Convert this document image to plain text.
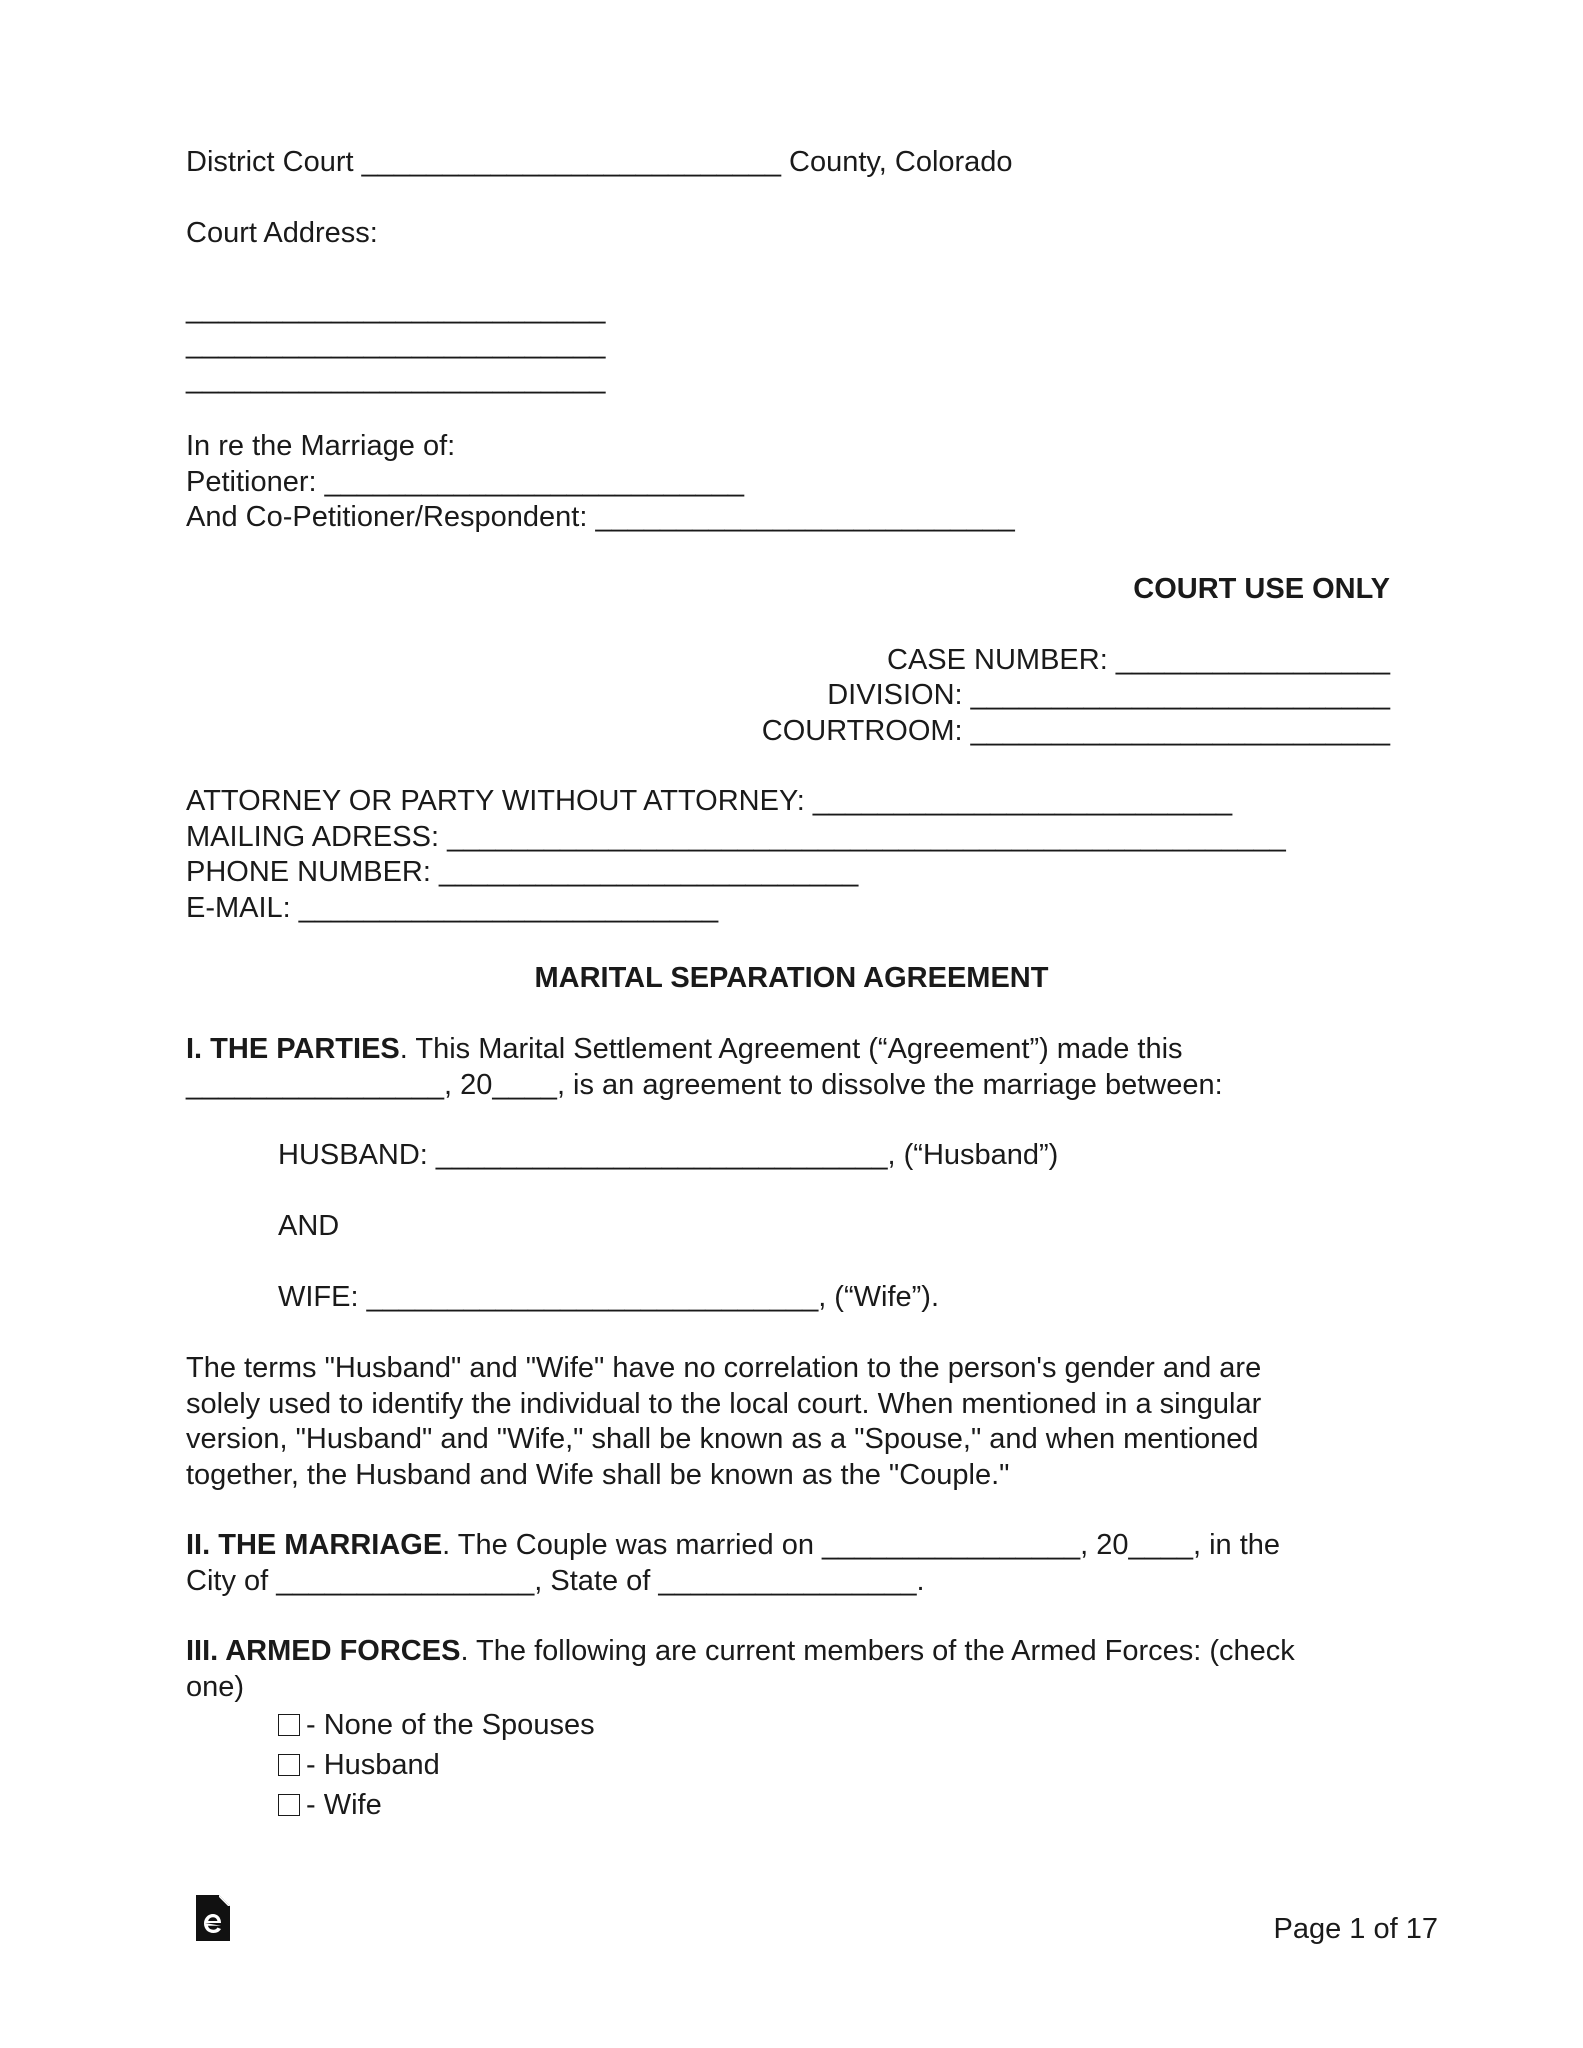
District Court __________________________ County, Colorado
Court Address:
__________________________
__________________________
__________________________
In re the Marriage of:
Petitioner: __________________________
And Co-Petitioner/Respondent: __________________________
COURT USE ONLY
CASE NUMBER: _________________
DIVISION: __________________________
COURTROOM: __________________________
ATTORNEY OR PARTY WITHOUT ATTORNEY: __________________________
MAILING ADRESS: ____________________________________________________
PHONE NUMBER: __________________________
E-MAIL: __________________________
MARITAL SEPARATION AGREEMENT
I. THE PARTIES. This Marital Settlement Agreement (“Agreement”) made this
________________, 20____, is an agreement to dissolve the marriage between:
HUSBAND: ____________________________, (“Husband”)
AND
WIFE: ____________________________, (“Wife”).
The terms "Husband" and "Wife" have no correlation to the person's gender and are
solely used to identify the individual to the local court. When mentioned in a singular
version, "Husband" and "Wife," shall be known as a "Spouse," and when mentioned
together, the Husband and Wife shall be known as the "Couple."
II. THE MARRIAGE. The Couple was married on ________________, 20____, in the
City of ________________, State of ________________.
III. ARMED FORCES. The following are current members of the Armed Forces: (check
one)
- None of the Spouses
- Husband
- Wife
Page 1 of 17
